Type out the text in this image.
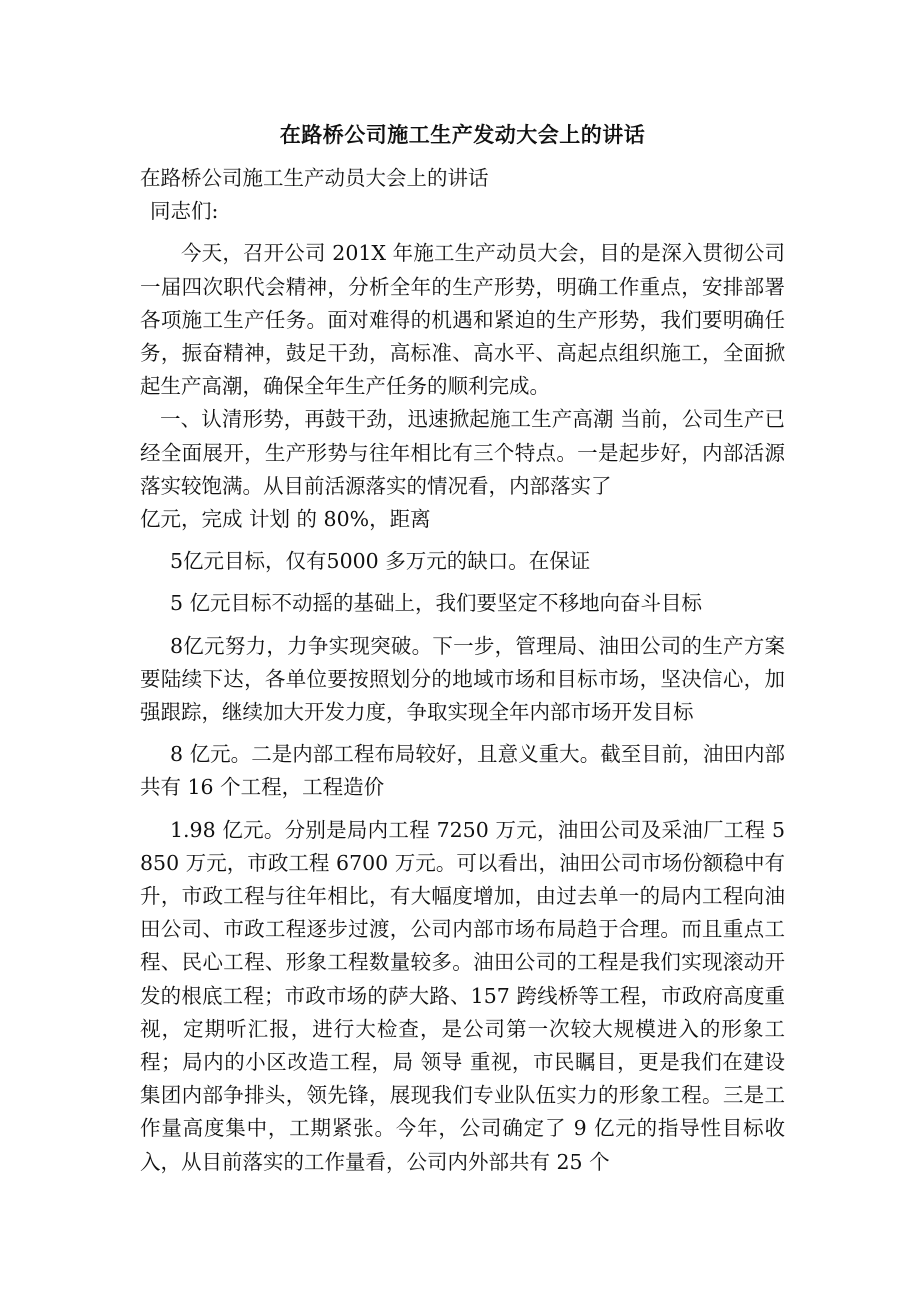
在路桥公司施工生产发动大会上的讲话

在路桥公司施工生产动员大会上的讲话

同志们:

今天，召开公司 201X 年施工生产动员大会，目的是深入贯彻公司一届四次职代会精神，分析全年的生产形势，明确工作重点，安排部署各项施工生产任务。面对难得的机遇和紧迫的生产形势，我们要明确任务，振奋精神，鼓足干劲，高标准、高水平、高起点组织施工，全面掀起生产高潮，确保全年生产任务的顺利完成。

一、认清形势，再鼓干劲，迅速掀起施工生产高潮 当前，公司生产已经全面展开，生产形势与往年相比有三个特点。一是起步好，内部活源落实较饱满。从目前活源落实的情况看，内部落实了

亿元，完成 计划 的 80%，距离

5亿元目标，仅有5000 多万元的缺口。在保证

5 亿元目标不动摇的基础上，我们要坚定不移地向奋斗目标

8亿元努力，力争实现突破。下一步，管理局、油田公司的生产方案 要陆续下达，各单位要按照划分的地域市场和目标市场，坚决信心，加强跟踪，继续加大开发力度，争取实现全年内部市场开发目标

8 亿元。二是内部工程布局较好，且意义重大。截至目前，油田内部共有 16 个工程，工程造价

1.98 亿元。分别是局内工程 7250 万元，油田公司及采油厂工程 5850 万元，市政工程 6700 万元。可以看出，油田公司市场份额稳中有升，市政工程与往年相比，有大幅度增加，由过去单一的局内工程向油田公司、市政工程逐步过渡，公司内部市场布局趋于合理。而且重点工程、民心工程、形象工程数量较多。油田公司的工程是我们实现滚动开发的根底工程；市政市场的萨大路、157 跨线桥等工程，市政府高度重视，定期听汇报，进行大检查，是公司第一次较大规模进入的形象工程；局内的小区改造工程，局 领导 重视，市民瞩目，更是我们在建设集团内部争排头，领先锋，展现我们专业队伍实力的形象工程。三是工作量高度集中，工期紧张。今年，公司确定了 9 亿元的指导性目标收入，从目前落实的工作量看，公司内外部共有 25 个
